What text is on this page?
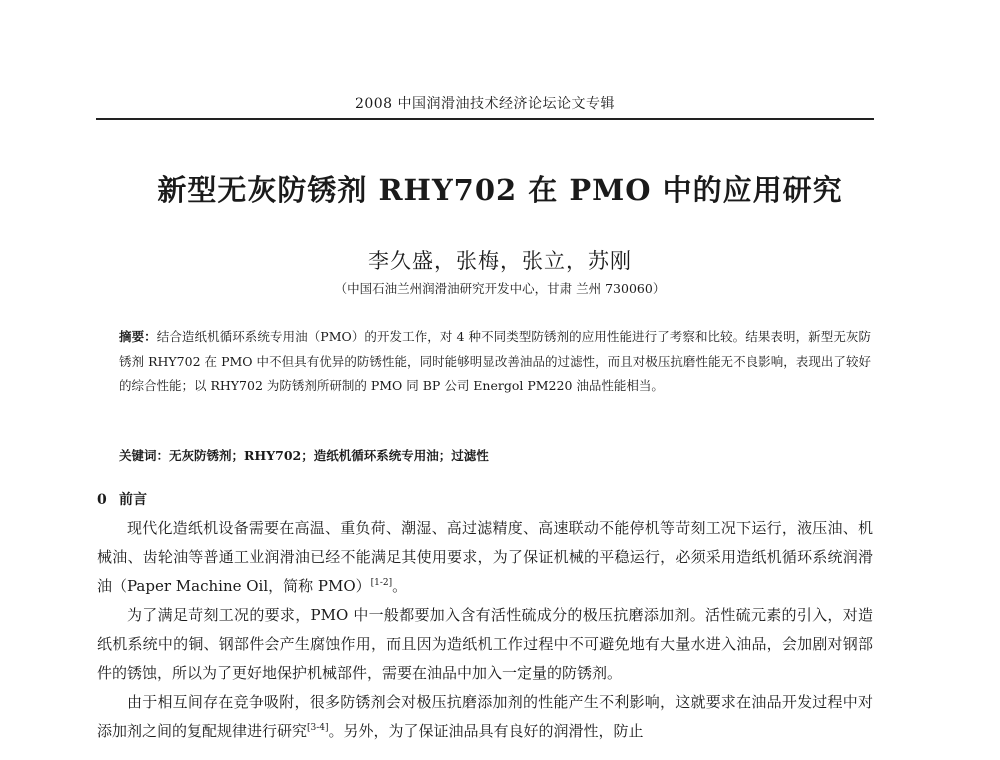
2008 中国润滑油技术经济论坛论文专辑
新型无灰防锈剂 RHY702 在 PMO 中的应用研究
李久盛，张梅，张立，苏刚
（中国石油兰州润滑油研究开发中心，甘肃 兰州 730060）
摘要：结合造纸机循环系统专用油（PMO）的开发工作，对 4 种不同类型防锈剂的应用性能进行了考察和比较。结果表明，新型无灰防锈剂 RHY702 在 PMO 中不但具有优异的防锈性能，同时能够明显改善油品的过滤性，而且对极压抗磨性能无不良影响，表现出了较好的综合性能；以 RHY702 为防锈剂所研制的 PMO 同 BP 公司 Energol PM220 油品性能相当。
关键词：无灰防锈剂；RHY702；造纸机循环系统专用油；过滤性
0 前言

现代化造纸机设备需要在高温、重负荷、潮湿、高过滤精度、高速联动不能停机等苛刻工况下运行，液压油、机械油、齿轮油等普通工业润滑油已经不能满足其使用要求，为了保证机械的平稳运行，必须采用造纸机循环系统润滑油（Paper Machine Oil，简称 PMO）[1-2]。

为了满足苛刻工况的要求，PMO 中一般都要加入含有活性硫成分的极压抗磨添加剂。活性硫元素的引入，对造纸机系统中的铜、钢部件会产生腐蚀作用，而且因为造纸机工作过程中不可避免地有大量水进入油品，会加剧对钢部件的锈蚀，所以为了更好地保护机械部件，需要在油品中加入一定量的防锈剂。

由于相互间存在竞争吸附，很多防锈剂会对极压抗磨添加剂的性能产生不利影响，这就要求在油品开发过程中对添加剂之间的复配规律进行研究[3-4]。另外，为了保证油品具有良好的润滑性，防止
